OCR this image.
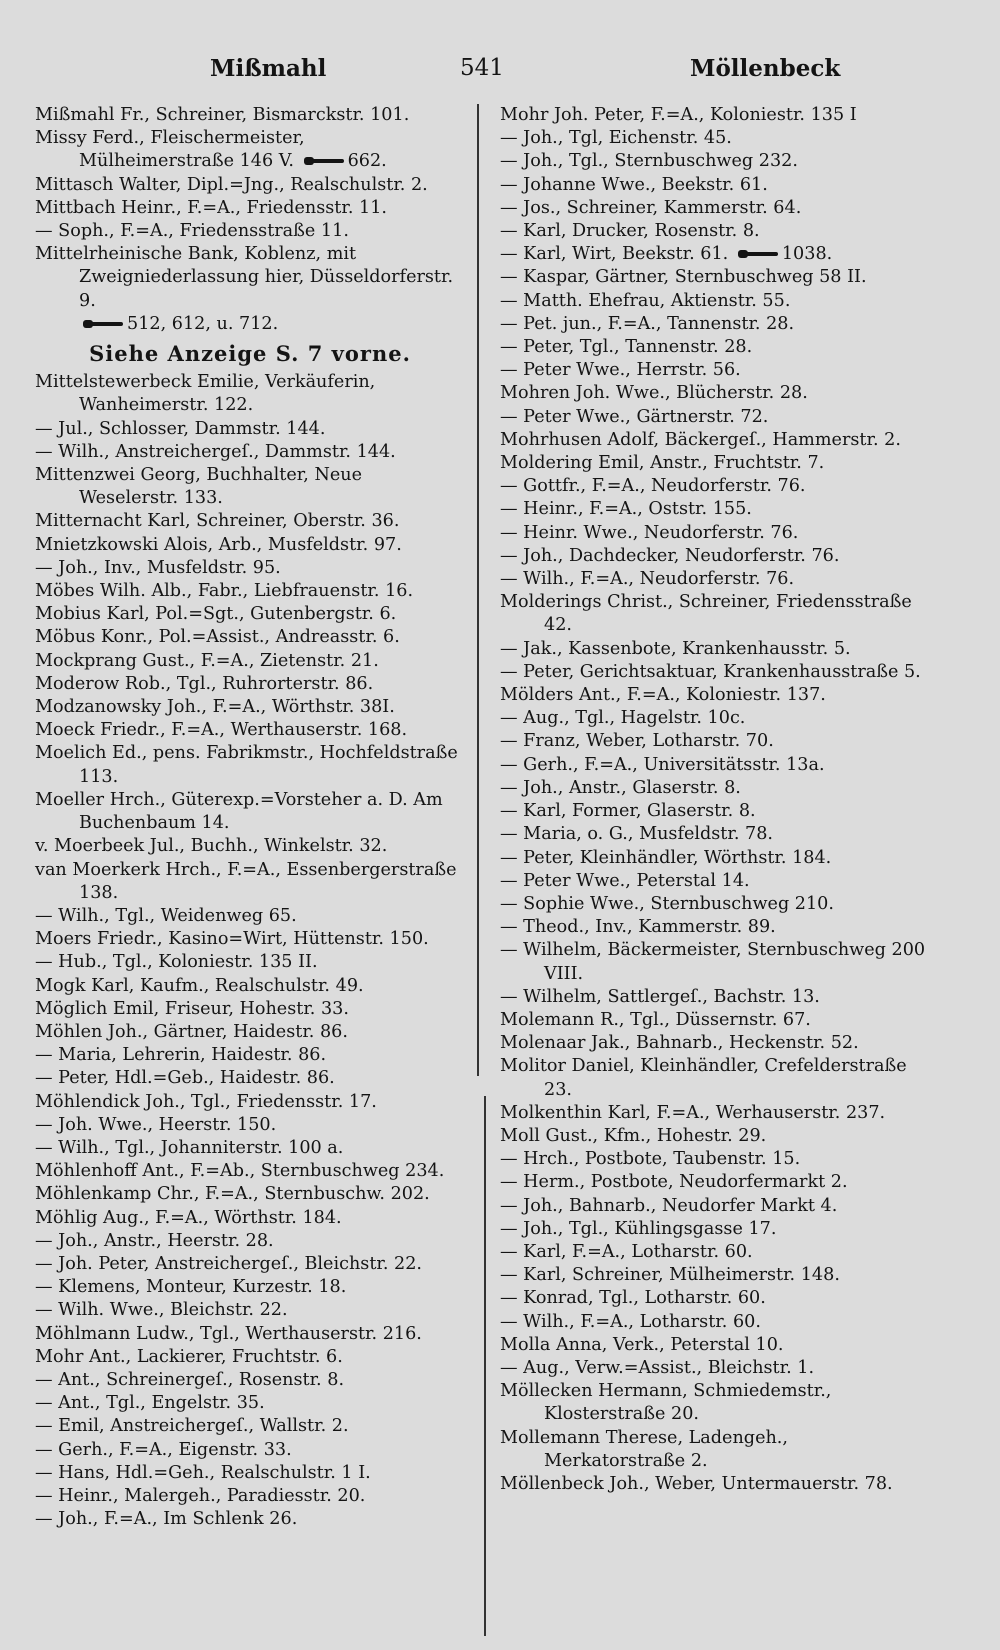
Mißmahl	541	Möllenbeck

Mißmahl Fr., Schreiner, Bismarckstr. 101.

Missy Ferd., Fleischermeister, Mülheimerstraße 146 V.	662.

Mittasch Walter, Dipl.=Jng., Realschulstr. 2.

Mittbach Heinr., F.=A., Friedensstr. 11.

— Soph., F.=A., Friedensstraße 11.

Mittelrheinische Bank, Koblenz, mit Zweigniederlassung hier, Düsseldorferstr. 9.
512, 612, u. 712.

Siehe Anzeige S. 7 vorne.

Mittelstewerbeck Emilie, Verkäuferin, Wanheimerstr. 122.

— Jul., Schlosser, Dammstr. 144.

— Wilh., Anstreichergeſ., Dammstr. 144.

Mittenzwei Georg, Buchhalter, Neue Weselerstr. 133.

Mitternacht Karl, Schreiner, Oberstr. 36.

Mnietzkowski Alois, Arb., Musfeldstr. 97.

— Joh., Inv., Musfeldstr. 95.

Möbes Wilh. Alb., Fabr., Liebfrauenstr. 16.

Mobius Karl, Pol.=Sgt., Gutenbergstr. 6.

Möbus Konr., Pol.=Assist., Andreasstr. 6.

Mockprang Gust., F.=A., Zietenstr. 21.

Moderow Rob., Tgl., Ruhrorterstr. 86.

Modzanowsky Joh., F.=A., Wörthstr. 38I.

Moeck Friedr., F.=A., Werthauserstr. 168.

Moelich Ed., pens. Fabrikmstr., Hochfeldstraße 113.

Moeller Hrch., Güterexp.=Vorsteher a. D. Am Buchenbaum 14.

v. Moerbeek Jul., Buchh., Winkelstr. 32.

van Moerkerk Hrch., F.=A., Essenbergerstraße 138.

— Wilh., Tgl., Weidenweg 65.

Moers Friedr., Kasino=Wirt, Hüttenstr. 150.

— Hub., Tgl., Koloniestr. 135 II.

Mogk Karl, Kaufm., Realschulstr. 49.

Möglich Emil, Friseur, Hohestr. 33.

Möhlen Joh., Gärtner, Haidestr. 86.

— Maria, Lehrerin, Haidestr. 86.

— Peter, Hdl.=Geb., Haidestr. 86.

Möhlendick Joh., Tgl., Friedensstr. 17.

— Joh. Wwe., Heerstr. 150.

— Wilh., Tgl., Johanniterstr. 100 a.

Möhlenhoff Ant., F.=Ab., Sternbuschweg 234.

Möhlenkamp Chr., F.=A., Sternbuschw. 202.

Möhlig Aug., F.=A., Wörthstr. 184.

— Joh., Anstr., Heerstr. 28.

— Joh. Peter, Anstreichergeſ., Bleichstr. 22.

— Klemens, Monteur, Kurzestr. 18.

— Wilh. Wwe., Bleichstr. 22.

Möhlmann Ludw., Tgl., Werthauserstr. 216.

Mohr Ant., Lackierer, Fruchtstr. 6.

— Ant., Schreinergeſ., Rosenstr. 8.

— Ant., Tgl., Engelstr. 35.

— Emil, Anstreichergeſ., Wallstr. 2.

— Gerh., F.=A., Eigenstr. 33.

— Hans, Hdl.=Geh., Realschulstr. 1 I.

— Heinr., Malergeh., Paradiesstr. 20.

— Joh., F.=A., Im Schlenk 26.

Mohr Joh. Peter, F.=A., Koloniestr. 135 I

— Joh., Tgl, Eichenstr. 45.

— Joh., Tgl., Sternbuschweg 232.

— Johanne Wwe., Beekstr. 61.

— Jos., Schreiner, Kammerstr. 64.

— Karl, Drucker, Rosenstr. 8.

— Karl, Wirt, Beekstr. 61.	1038.

— Kaspar, Gärtner, Sternbuschweg 58 II.

— Matth. Ehefrau, Aktienstr. 55.

— Pet. jun., F.=A., Tannenstr. 28.

— Peter, Tgl., Tannenstr. 28.

— Peter Wwe., Herrstr. 56.

Mohren Joh. Wwe., Blücherstr. 28.

— Peter Wwe., Gärtnerstr. 72.

Mohrhusen Adolf, Bäckergeſ., Hammerstr. 2.

Moldering Emil, Anstr., Fruchtstr. 7.

— Gottfr., F.=A., Neudorferstr. 76.

— Heinr., F.=A., Oststr. 155.

— Heinr. Wwe., Neudorferstr. 76.

— Joh., Dachdecker, Neudorferstr. 76.

— Wilh., F.=A., Neudorferstr. 76.

Molderings Christ., Schreiner, Friedensstraße 42.

— Jak., Kassenbote, Krankenhausstr. 5.

— Peter, Gerichtsaktuar, Krankenhausstraße 5.

Mölders Ant., F.=A., Koloniestr. 137.

— Aug., Tgl., Hagelstr. 10c.

— Franz, Weber, Lotharstr. 70.

— Gerh., F.=A., Universitätsstr. 13a.

— Joh., Anstr., Glaserstr. 8.

— Karl, Former, Glaserstr. 8.

— Maria, o. G., Musfeldstr. 78.

— Peter, Kleinhändler, Wörthstr. 184.

— Peter Wwe., Peterstal 14.

— Sophie Wwe., Sternbuschweg 210.

— Theod., Inv., Kammerstr. 89.

— Wilhelm, Bäckermeister, Sternbuschweg 200 VIII.

— Wilhelm, Sattlergeſ., Bachstr. 13.

Molemann R., Tgl., Düssernstr. 67.

Molenaar Jak., Bahnarb., Heckenstr. 52.

Molitor Daniel, Kleinhändler, Crefelderstraße 23.

Molkenthin Karl, F.=A., Werhauserstr. 237.

Moll Gust., Kfm., Hohestr. 29.

— Hrch., Postbote, Taubenstr. 15.

— Herm., Postbote, Neudorfermarkt 2.

— Joh., Bahnarb., Neudorfer Markt 4.

— Joh., Tgl., Kühlingsgasse 17.

— Karl, F.=A., Lotharstr. 60.

— Karl, Schreiner, Mülheimerstr. 148.

— Konrad, Tgl., Lotharstr. 60.

— Wilh., F.=A., Lotharstr. 60.

Molla Anna, Verk., Peterstal 10.

— Aug., Verw.=Assist., Bleichstr. 1.

Möllecken Hermann, Schmiedemstr., Klosterstraße 20.

Mollemann Therese, Ladengeh., Merkatorstraße 2.

Möllenbeck Joh., Weber, Untermauerstr. 78.
